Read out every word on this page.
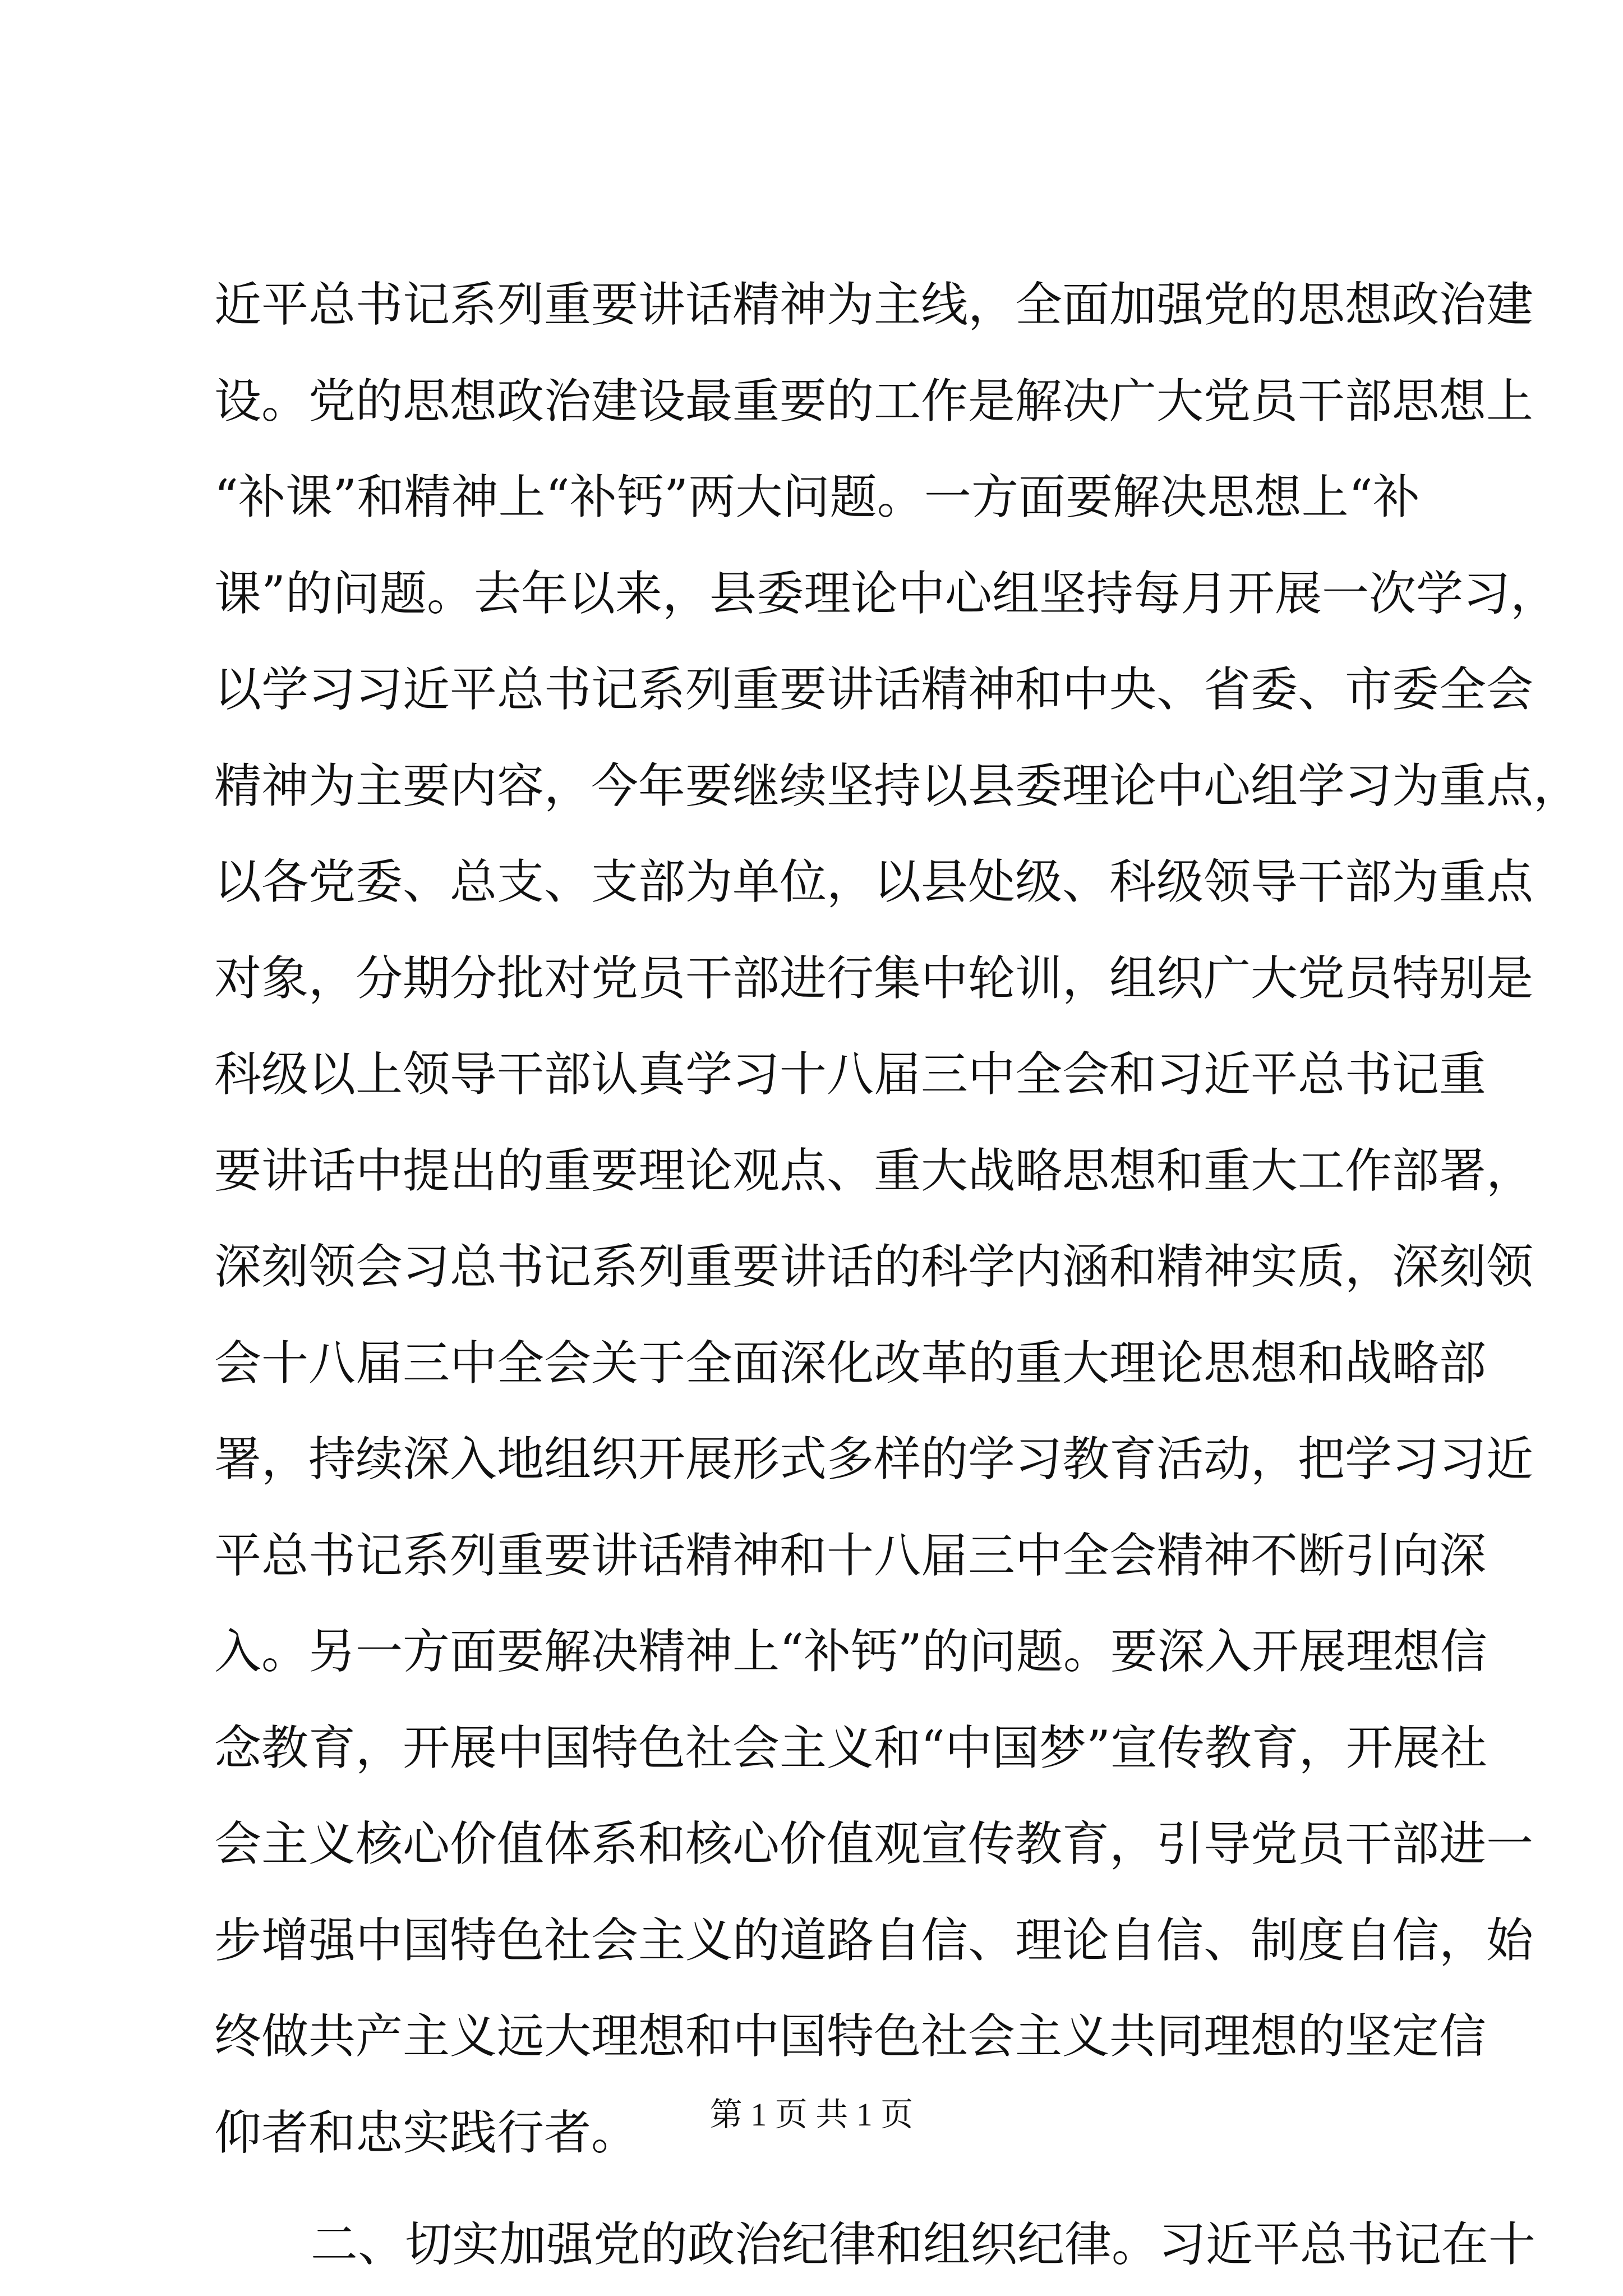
近平总书记系列重要讲话精神为主线，全面加强党的思想政治建
设。党的思想政治建设最重要的工作是解决广大党员干部思想上
“补课”和精神上“补钙”两大问题。一方面要解决思想上“补
课”的问题。去年以来，县委理论中心组坚持每月开展一次学习，
以学习习近平总书记系列重要讲话精神和中央、省委、市委全会
精神为主要内容，今年要继续坚持以县委理论中心组学习为重点，
以各党委、总支、支部为单位，以县处级、科级领导干部为重点
对象，分期分批对党员干部进行集中轮训，组织广大党员特别是
科级以上领导干部认真学习十八届三中全会和习近平总书记重
要讲话中提出的重要理论观点、重大战略思想和重大工作部署，
深刻领会习总书记系列重要讲话的科学内涵和精神实质，深刻领
会十八届三中全会关于全面深化改革的重大理论思想和战略部
署，持续深入地组织开展形式多样的学习教育活动，把学习习近
平总书记系列重要讲话精神和十八届三中全会精神不断引向深
入。另一方面要解决精神上“补钙”的问题。要深入开展理想信
念教育，开展中国特色社会主义和“中国梦”宣传教育，开展社
会主义核心价值体系和核心价值观宣传教育，引导党员干部进一
步增强中国特色社会主义的道路自信、理论自信、制度自信，始
终做共产主义远大理想和中国特色社会主义共同理想的坚定信
仰者和忠实践行者。
二、切实加强党的政治纪律和组织纪律。习近平总书记在十
第 1 页 共 1 页
